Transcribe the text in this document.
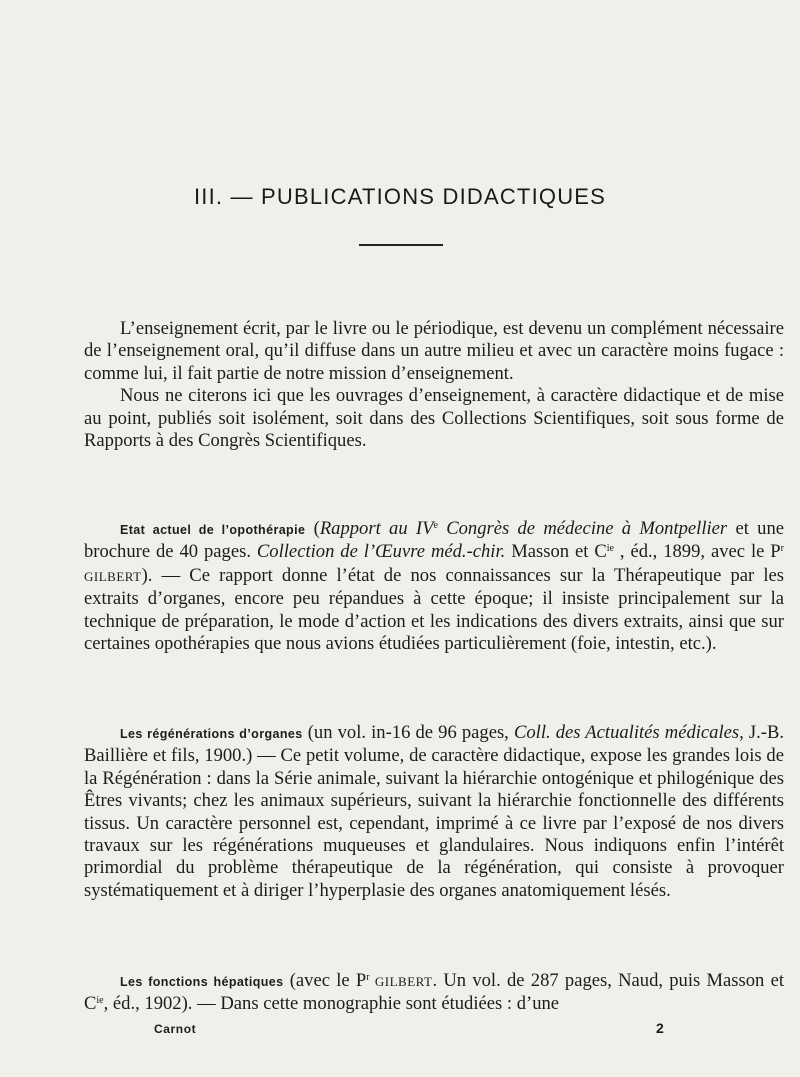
III. — PUBLICATIONS DIDACTIQUES

L’enseignement écrit, par le livre ou le périodique, est devenu un complément nécessaire de l’enseignement oral, qu’il diffuse dans un autre milieu et avec un caractère moins fugace : comme lui, il fait partie de notre mission d’enseignement.

Nous ne citerons ici que les ouvrages d’enseignement, à caractère didactique et de mise au point, publiés soit isolément, soit dans des Collections Scientifiques, soit sous forme de Rapports à des Congrès Scientifiques.

Etat actuel de l’opothérapie (Rapport au IVe Congrès de médecine à Montpellier et une brochure de 40 pages. Collection de l’Œuvre méd.-chir. Masson et $C^{ie}$ , éd., 1899, avec le $P^r$ GILBERT). — Ce rapport donne l’état de nos connaissances sur la Thérapeutique par les extraits d’organes, encore peu répandues à cette époque; il insiste principalement sur la technique de préparation, le mode d’action et les indications des divers extraits, ainsi que sur certaines opothérapies que nous avions étudiées particulièrement (foie, intestin, etc.).

Les régénérations d’organes (un vol. in-16 de 96 pages, Coll. des Actualités médicales, J.-B. Baillière et fils, 1900.) — Ce petit volume, de caractère didactique, expose les grandes lois de la Régénération : dans la Série animale, suivant la hiérarchie ontogénique et philogénique des Êtres vivants; chez les animaux supérieurs, suivant la hiérarchie fonctionnelle des différents tissus. Un caractère personnel est, cependant, imprimé à ce livre par l’exposé de nos divers travaux sur les régénérations muqueuses et glandulaires. Nous indiquons enfin l’intérêt primordial du problème thérapeutique de la régénération, qui consiste à provoquer systématiquement et à diriger l’hyperplasie des organes anatomiquement lésés.

Les fonctions hépatiques (avec le $P^r$ GILBERT. Un vol. de 287 pages, Naud, puis Masson et $C^{ie}$, éd., 1902). — Dans cette monographie sont étudiées : d’une

Carnot	2
